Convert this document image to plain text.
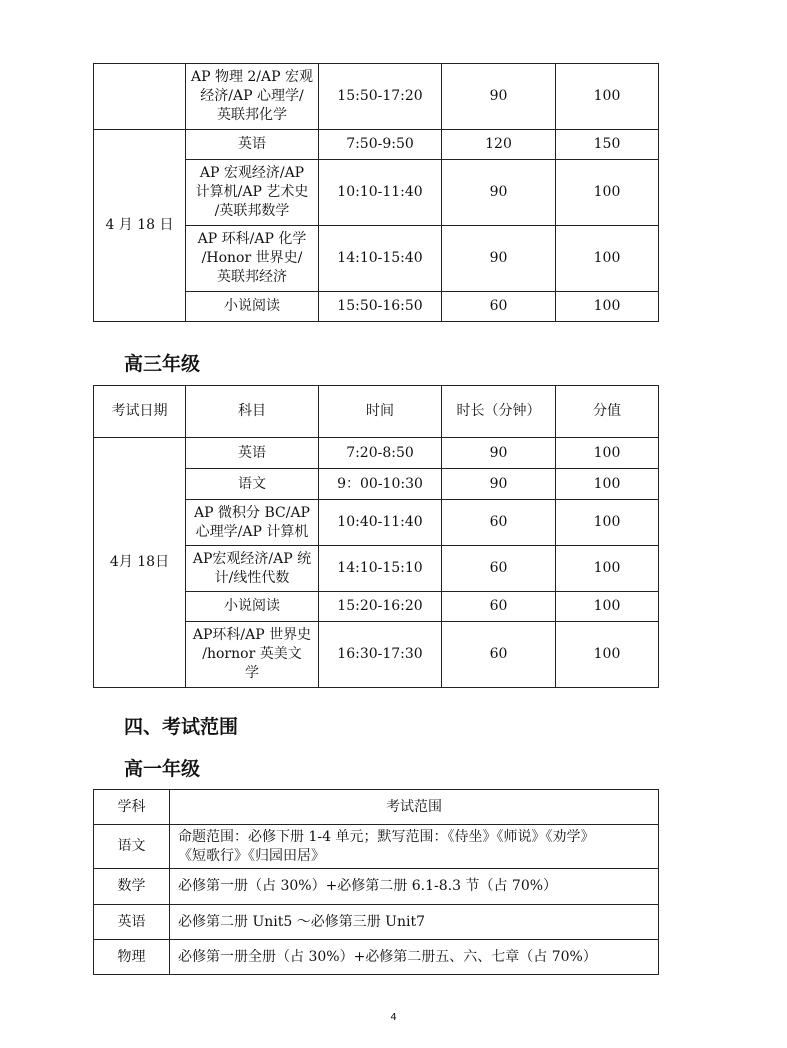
	AP 物理 2/AP 宏观
经济/AP 心理学/
英联邦化学	15:50-17:20	90	100
4 月 18 日	英语	7:50-9:50	120	150

	AP 宏观经济/AP
计算机/AP 艺术史
/英联邦数学	10:10-11:40	90	100

	AP 环科/AP 化学
/Honor 世界史/
英联邦经济	14:10-15:40	90	100

	小说阅读	15:50-16:50	60	100
高三年级
考试日期	科目	时间	时长（分钟）	分值
4月 18日	英语	7:20-8:50	90	100

	语文	9：00-10:30	90	100

	AP 微积分 BC/AP
心理学/AP 计算机	10:40-11:40	60	100

	AP宏观经济/AP 统
计/线性代数	14:10-15:10	60	100

	小说阅读	15:20-16:20	60	100

	AP环科/AP 世界史
/hornor 英美文
学	16:30-17:30	60	100
四、考试范围
高一年级
学科	考试范围
语文	命题范围：必修下册 1-4 单元；默写范围：《侍坐》《师说》《劝学》
《短歌行》《归园田居》

数学	必修第一册（占 30%）+必修第二册 6.1-8.3 节（占 70%）

英语	必修第二册 Unit5 ～必修第三册 Unit7

物理	必修第一册全册（占 30%）+必修第二册五、六、七章（占 70%）
4
